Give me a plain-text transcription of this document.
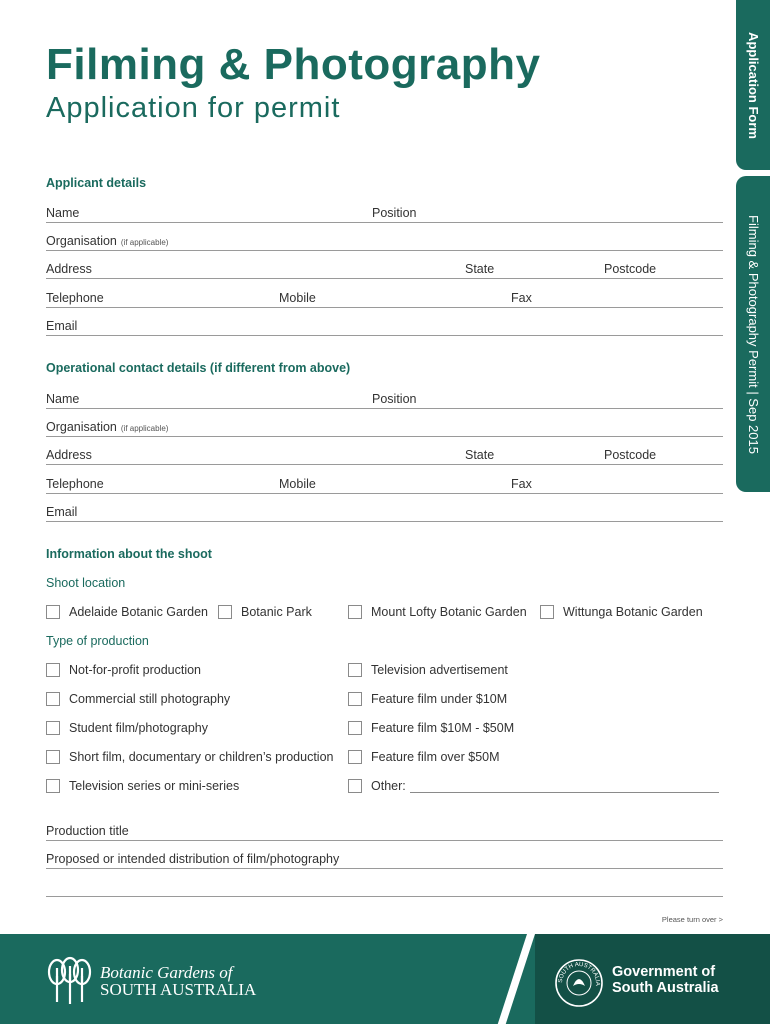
Filming & Photography
Application for permit	Application Form
Filming & Photography Permit | Sep 2015
Applicant details
Name	Position
Organisation (if applicable)
Address	State	Postcode
Telephone	Mobile	Fax
Email
Operational contact details (if different from above)
Name	Position
Organisation (if applicable)
Address	State	Postcode
Telephone	Mobile	Fax
Email
Information about the shoot
Shoot location
Adelaide Botanic Garden	Botanic Park	Mount Lofty Botanic Garden	Wittunga Botanic Garden
Type of production
Not-for-profit production
Commercial still photography
Student film/photography
Short film, documentary or children’s production
Television series or mini-series
Television advertisement
Feature film under $10M
Feature film $10M - $50M
Feature film over $50M
Other:
Production title
Proposed or intended distribution of film/photography
Please turn over >
Botanic Gardens of
SOUTH AUSTRALIA	SOUTH AUSTRALIA
Government of
South Australia
